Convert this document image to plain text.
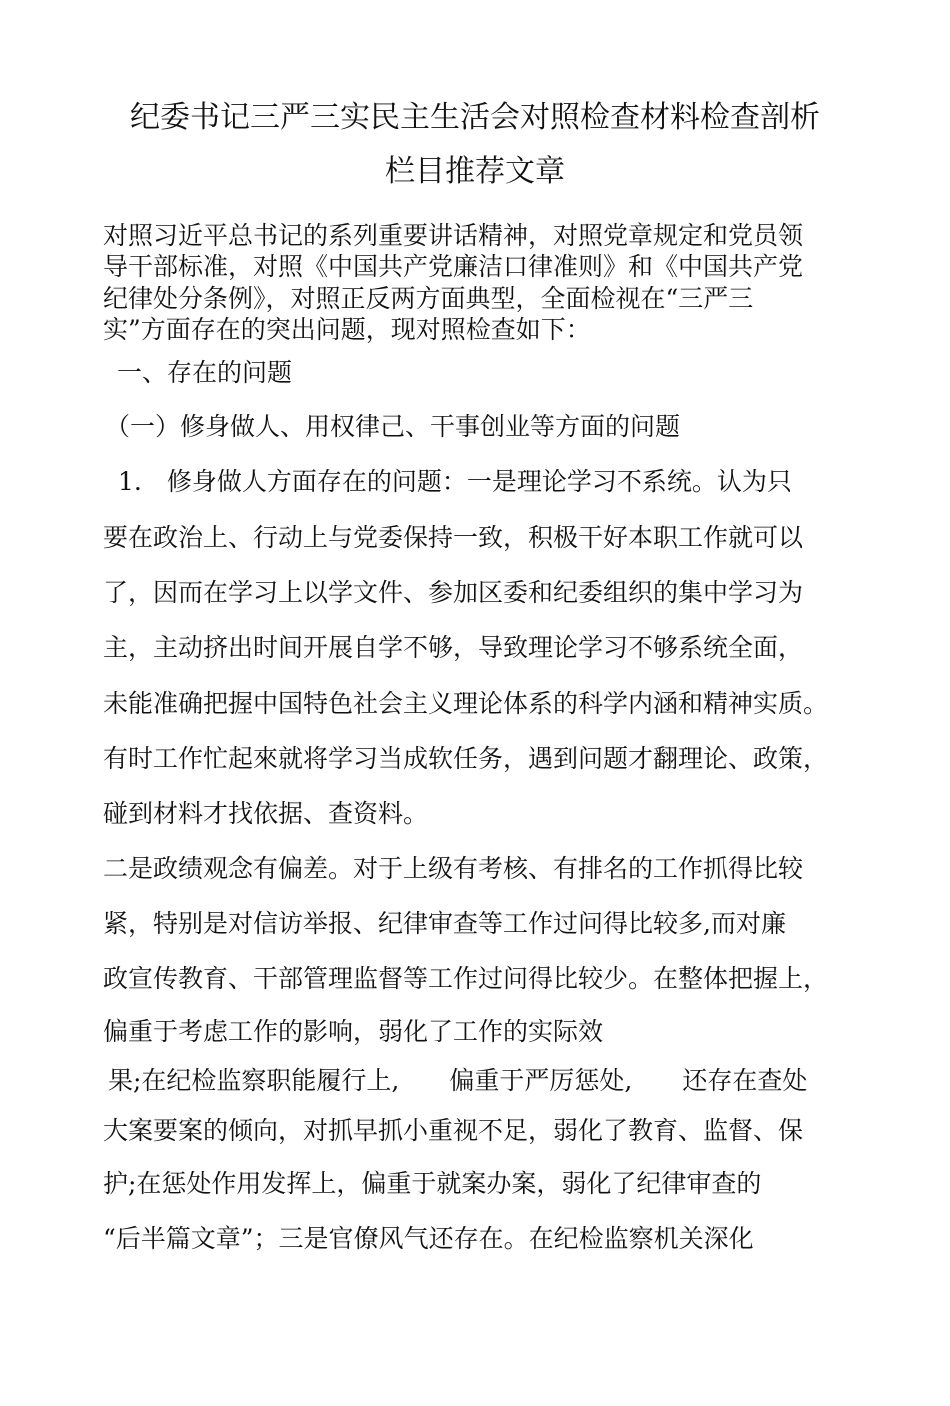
纪委书记三严三实民主生活会对照检查材料检查剖析
栏目推荐文章
对照习近平总书记的系列重要讲话精神，对照党章规定和党员领
导干部标准，对照《中国共产党廉洁口律准则》和《中国共产党
纪律处分条例》，对照正反两方面典型，全面检视在“三严三
实”方面存在的突出问题，现对照检查如下：
一、存在的问题
（一）修身做人、用权律己、干事创业等方面的问题
1.　修身做人方面存在的问题：一是理论学习不系统。认为只
要在政治上、行动上与党委保持一致，积极干好本职工作就可以
了，因而在学习上以学文件、参加区委和纪委组织的集中学习为
主，主动挤出时间开展自学不够，导致理论学习不够系统全面，
未能准确把握中国特色社会主义理论体系的科学内涵和精神实质。
有时工作忙起來就将学习当成软任务，遇到问题才翻理论、政策，
碰到材料才找依据、查资料。
二是政绩观念有偏差。对于上级有考核、有排名的工作抓得比较
紧，特别是对信访举报、纪律审查等工作过问得比较多,而对廉
政宣传教育、干部管理监督等工作过问得比较少。在整体把握上，
偏重于考虑工作的影响，弱化了工作的实际效
果;在纪检监察职能履行上,　　偏重于严厉惩处,　　还存在查处
大案要案的倾向，对抓早抓小重视不足，弱化了教育、监督、保
护;在惩处作用发挥上，偏重于就案办案，弱化了纪律审查的
“后半篇文章”；三是官僚风气还存在。在纪检监察机关深化
